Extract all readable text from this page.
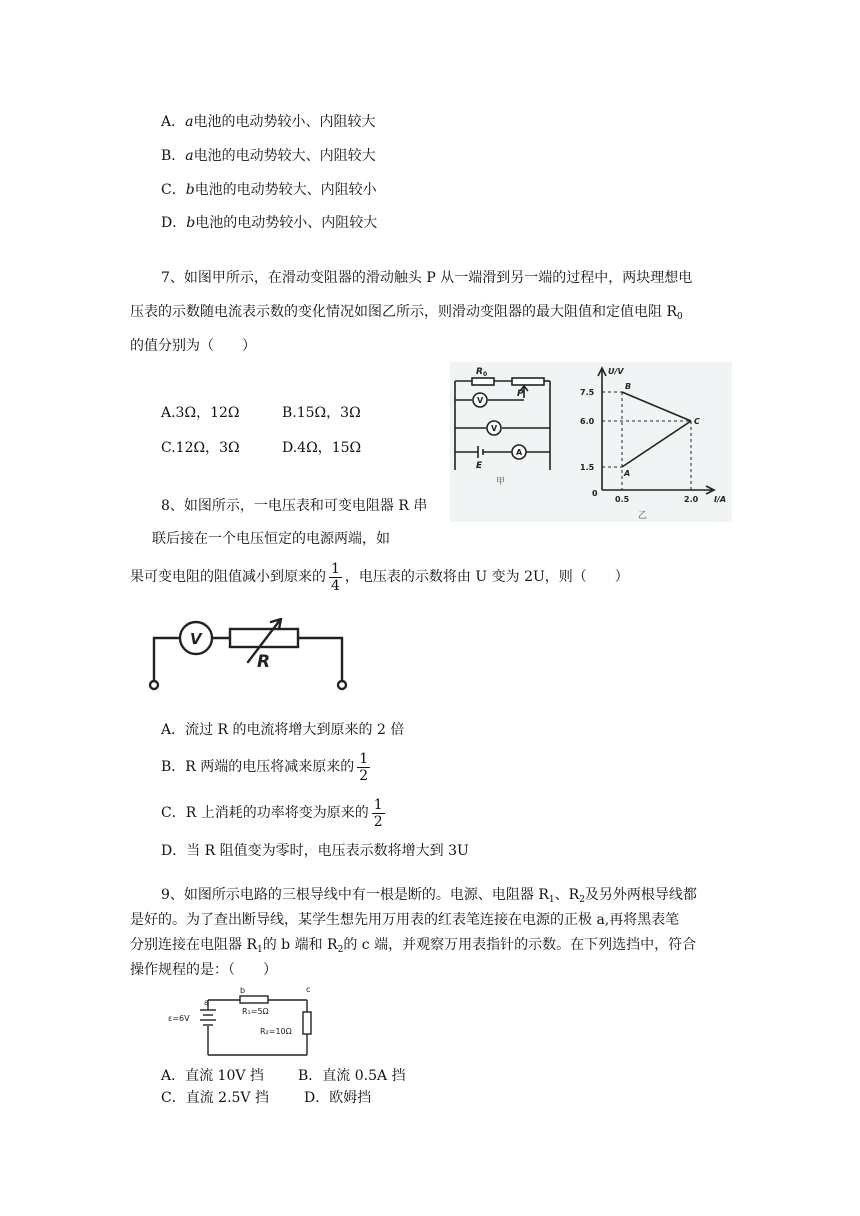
A．a电池的电动势较小、内阻较大
B．a电池的电动势较大、内阻较大
C．b电池的电动势较大、内阻较小
D．b电池的电动势较小、内阻较大
7、如图甲所示，在滑动变阻器的滑动触头 P 从一端滑到另一端的过程中，两块理想电
压表的示数随电流表示数的变化情况如图乙所示，则滑动变阻器的最大阻值和定值电阻 $R_0$
的值分别为（　　）
A.3Ω，12Ω	B.15Ω，3Ω
C.12Ω，3Ω	D.4Ω，15Ω
R 0
P
V
V
A
E
甲
U/V
I/A
0
7.5
6.0
1.5
0.5	2.0
B
C
A
乙
8、如图所示，一电压表和可变电阻器 R 串
联后接在一个电压恒定的电源两端，如
果可变电阻的阻值减小到原来的 $\frac{1}{4}$ ，电压表的示数将由 U 变为 2U，则（　　）
V
R
A．流过 R 的电流将增大到原来的 2 倍
B．R 两端的电压将减来原来的 $\frac{1}{2}$
C．R 上消耗的功率将变为原来的 $\frac{1}{2}$
D．当 R 阻值变为零时，电压表示数将增大到 3U
9、如图所示电路的三根导线中有一根是断的。电源、电阻器 $R_1$、$R_2$及另外两根导线都
是好的。为了查出断导线，某学生想先用万用表的红表笔连接在电源的正极 a,再将黑表笔
分别连接在电阻器 $R_1$的 b 端和 $R_2$的 c 端，并观察万用表指针的示数。在下列选挡中，符合
操作规程的是：（　　）
ε=6V
a
b	c
R₁=5Ω
R₂=10Ω
A．直流 10V 挡 B．直流 0.5A 挡
C．直流 2.5V 挡	D．欧姆挡
